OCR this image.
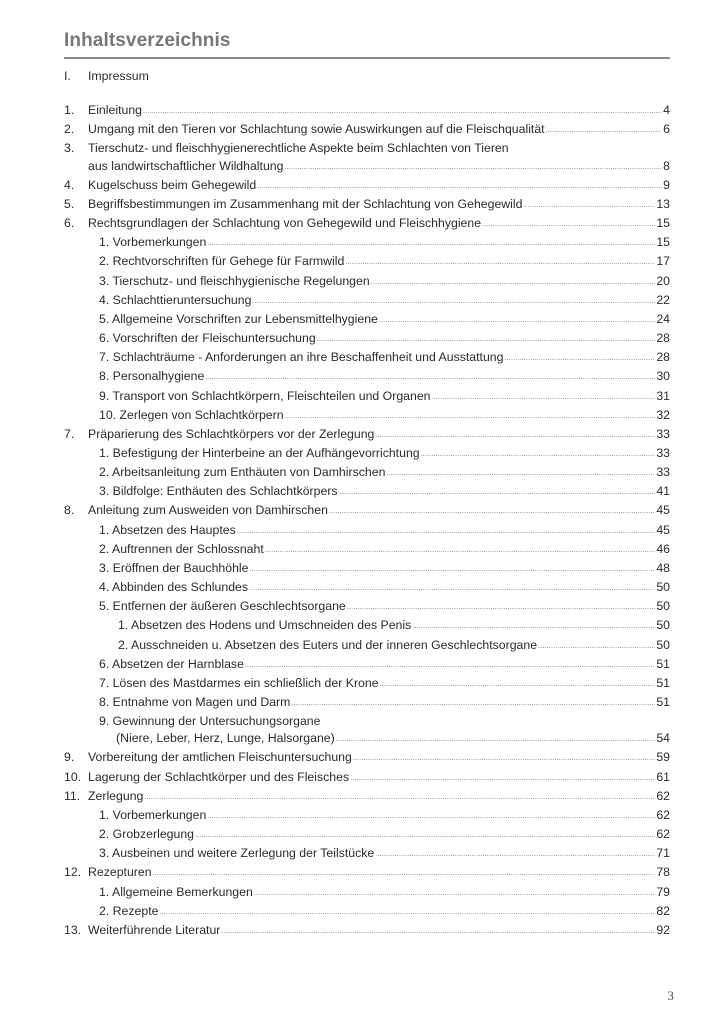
Inhaltsverzeichnis
I.	Impressum
1.	Einleitung .....	4
2.	Umgang mit den Tieren vor Schlachtung sowie Auswirkungen auf die Fleischqualität .....	6
3.	Tierschutz- und fleischhygienerechtliche Aspekte beim Schlachten von Tieren
aus landwirtschaftlicher Wildhaltung .....	8
4.	Kugelschuss beim Gehegewild .....	9
5.	Begriffsbestimmungen im Zusammenhang mit der Schlachtung von Gehegewild .....	13
6.	Rechtsgrundlagen der Schlachtung von Gehegewild und Fleischhygiene .....	15
1. Vorbemerkungen .....	15
2. Rechtvorschriften für Gehege für Farmwild .....	17
3. Tierschutz- und fleischhygienische Regelungen .....	20
4. Schlachttieruntersuchung .....	22
5. Allgemeine Vorschriften zur Lebensmittelhygiene .....	24
6. Vorschriften der Fleischuntersuchung .....	28
7. Schlachträume - Anforderungen an ihre Beschaffenheit und Ausstattung .....	28
8. Personalhygiene .....	30
9. Transport von Schlachtkörpern, Fleischteilen und Organen .....	31
10. Zerlegen von Schlachtkörpern .....	32
7.	Präparierung des Schlachtkörpers vor der Zerlegung .....	33
1. Befestigung der Hinterbeine an der Aufhängevorrichtung .....	33
2. Arbeitsanleitung zum Enthäuten von Damhirschen .....	33
3. Bildfolge: Enthäuten des Schlachtkörpers .....	41
8.	Anleitung zum Ausweiden von Damhirschen .....	45
1. Absetzen des Hauptes .....	45
2. Auftrennen der Schlossnaht .....	46
3. Eröffnen der Bauchhöhle .....	48
4. Abbinden des Schlundes .....	50
5. Entfernen der äußeren Geschlechtsorgane .....	50
1. Absetzen des Hodens und Umschneiden des Penis .....	50
2. Ausschneiden u. Absetzen des Euters und der inneren Geschlechtsorgane .....	50
6. Absetzen der Harnblase .....	51
7. Lösen des Mastdarmes ein schließlich der Krone .....	51
8. Entnahme von Magen und Darm .....	51
9. Gewinnung der Untersuchungsorgane
(Niere, Leber, Herz, Lunge, Halsorgane) .....	54
9.	Vorbereitung der amtlichen Fleischuntersuchung .....	59
10. Lagerung der Schlachtkörper und des Fleisches .....	61
11. Zerlegung .....	62
1. Vorbemerkungen .....	62
2. Grobzerlegung .....	62
3. Ausbeinen und weitere Zerlegung der Teilstücke .....	71
12. Rezepturen .....	78
1. Allgemeine Bemerkungen .....	79
2. Rezepte .....	82
13. Weiterführende Literatur .....	92
3
